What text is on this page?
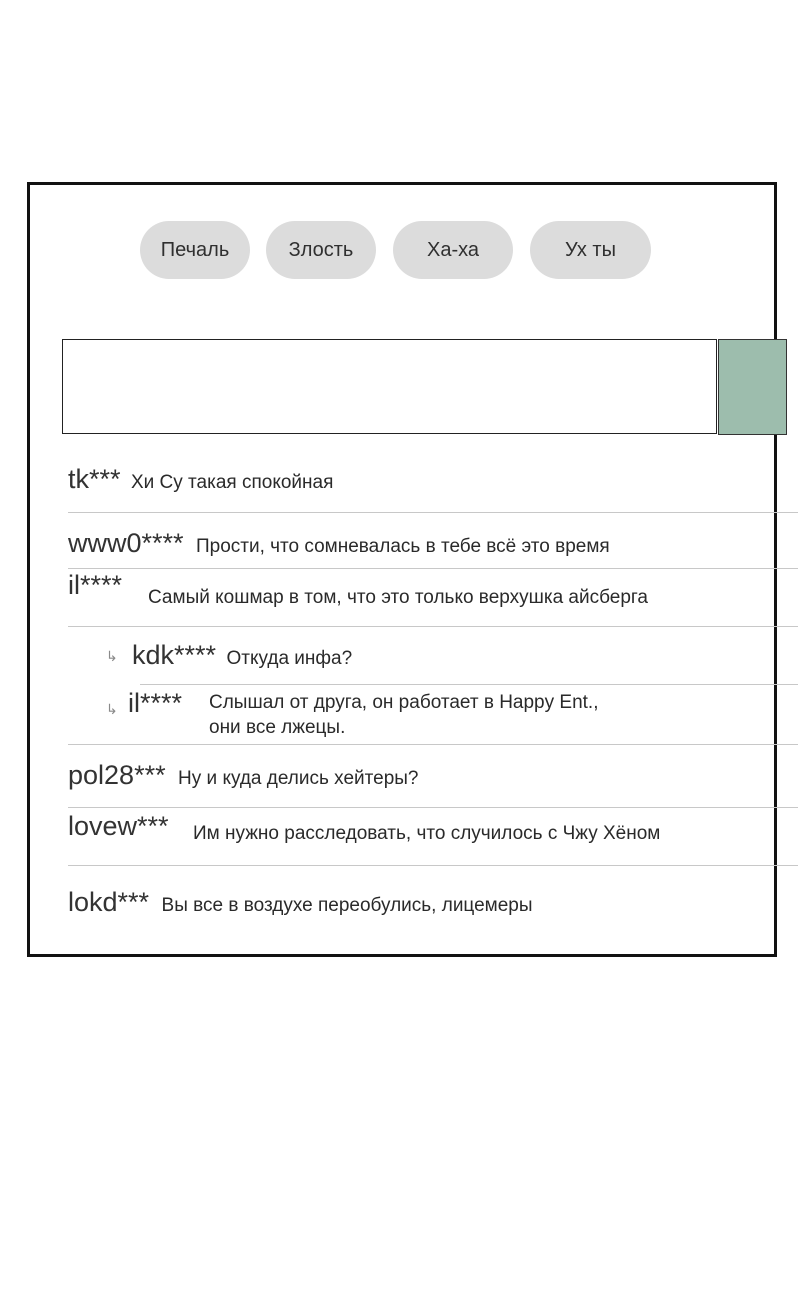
Печаль	Злость	Ха-ха	Ух ты
tk*** Хи Су такая спокойная
www0**** Прости, что сомневалась в тебе всё это время
il**** Самый кошмар в том, что это только верхушка айсберга
↳ kdk**** Откуда инфа?
↳ il**** Слышал от друга, он работает в Happy Ent.,
они все лжецы.
pol28*** Ну и куда делись хейтеры?
lovew*** Им нужно расследовать, что случилось с Чжу Хёном
lokd*** Вы все в воздухе переобулись, лицемеры
